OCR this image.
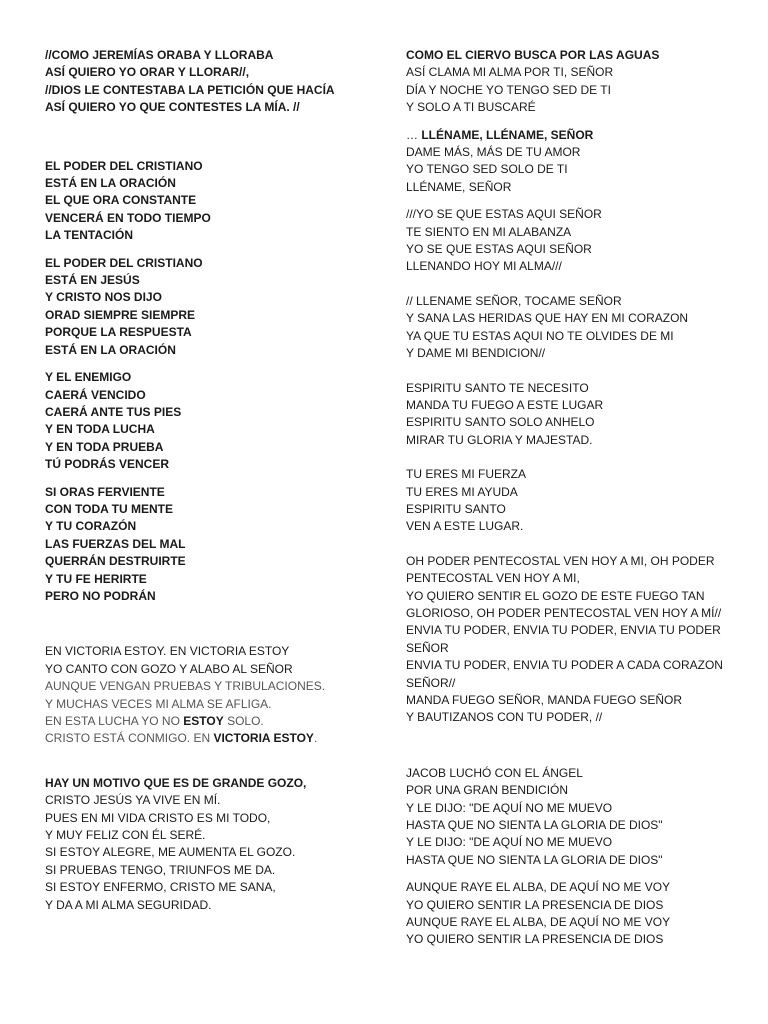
//COMO JEREMÍAS ORABA Y LLORABA
ASÍ QUIERO YO ORAR Y LLORAR//,
//DIOS LE CONTESTABA LA PETICIÓN QUE HACÍA
ASÍ QUIERO YO QUE CONTESTES LA MÍA. //
EL PODER DEL CRISTIANO
ESTÁ EN LA ORACIÓN
EL QUE ORA CONSTANTE
VENCERÁ EN TODO TIEMPO
LA TENTACIÓN
EL PODER DEL CRISTIANO
ESTÁ EN JESÚS
Y CRISTO NOS DIJO
ORAD SIEMPRE SIEMPRE
PORQUE LA RESPUESTA
ESTÁ EN LA ORACIÓN
Y EL ENEMIGO
CAERÁ VENCIDO
CAERÁ ANTE TUS PIES
Y EN TODA LUCHA
Y EN TODA PRUEBA
TÚ PODRÁS VENCER
SI ORAS FERVIENTE
CON TODA TU MENTE
Y TU CORAZÓN
LAS FUERZAS DEL MAL
QUERRÁN DESTRUIRTE
Y TU FE HERIRTE
PERO NO PODRÁN
EN VICTORIA ESTOY. EN VICTORIA ESTOY
YO CANTO CON GOZO Y ALABO AL SEÑOR
AUNQUE VENGAN PRUEBAS Y TRIBULACIONES.
Y MUCHAS VECES MI ALMA SE AFLIGA.
EN ESTA LUCHA YO NO ESTOY SOLO.
CRISTO ESTÁ CONMIGO. EN VICTORIA ESTOY.
HAY UN MOTIVO QUE ES DE GRANDE GOZO,
CRISTO JESÚS YA VIVE EN MÍ.
PUES EN MI VIDA CRISTO ES MI TODO,
Y MUY FELIZ CON ÉL SERÉ.
SI ESTOY ALEGRE, ME AUMENTA EL GOZO.
SI PRUEBAS TENGO, TRIUNFOS ME DA.
SI ESTOY ENFERMO, CRISTO ME SANA,
Y DA A MI ALMA SEGURIDAD.
COMO EL CIERVO BUSCA POR LAS AGUAS
ASÍ CLAMA MI ALMA POR TI, SEÑOR
DÍA Y NOCHE YO TENGO SED DE TI
Y SOLO A TI BUSCARÉ
… LLÉNAME, LLÉNAME, SEÑOR
DAME MÁS, MÁS DE TU AMOR
YO TENGO SED SOLO DE TI
LLÉNAME, SEÑOR
///YO SE QUE ESTAS AQUI SEÑOR
TE SIENTO EN MI ALABANZA
YO SE QUE ESTAS AQUI SEÑOR
LLENANDO HOY MI ALMA///
// LLENAME SEÑOR, TOCAME SEÑOR
Y SANA LAS HERIDAS QUE HAY EN MI CORAZON
YA QUE TU ESTAS AQUI NO TE OLVIDES DE MI
Y DAME MI BENDICION//
ESPIRITU SANTO TE NECESITO
MANDA TU FUEGO A ESTE LUGAR
ESPIRITU SANTO SOLO ANHELO
MIRAR TU GLORIA Y MAJESTAD.
TU ERES MI FUERZA
TU ERES MI AYUDA
ESPIRITU SANTO
VEN A ESTE LUGAR.
OH PODER PENTECOSTAL VEN HOY A MI, OH PODER
PENTECOSTAL VEN HOY A MI,
YO QUIERO SENTIR EL GOZO DE ESTE FUEGO TAN
GLORIOSO, OH PODER PENTECOSTAL VEN HOY A MÍ//
ENVIA TU PODER, ENVIA TU PODER, ENVIA TU PODER
SEÑOR
ENVIA TU PODER, ENVIA TU PODER A CADA CORAZON
SEÑOR//
MANDA FUEGO SEÑOR, MANDA FUEGO SEÑOR
Y BAUTIZANOS CON TU PODER, //
JACOB LUCHÓ CON EL ÁNGEL
POR UNA GRAN BENDICIÓN
Y LE DIJO: "DE AQUÍ NO ME MUEVO
HASTA QUE NO SIENTA LA GLORIA DE DIOS"
Y LE DIJO: "DE AQUÍ NO ME MUEVO
HASTA QUE NO SIENTA LA GLORIA DE DIOS"
AUNQUE RAYE EL ALBA, DE AQUÍ NO ME VOY
YO QUIERO SENTIR LA PRESENCIA DE DIOS
AUNQUE RAYE EL ALBA, DE AQUÍ NO ME VOY
YO QUIERO SENTIR LA PRESENCIA DE DIOS
